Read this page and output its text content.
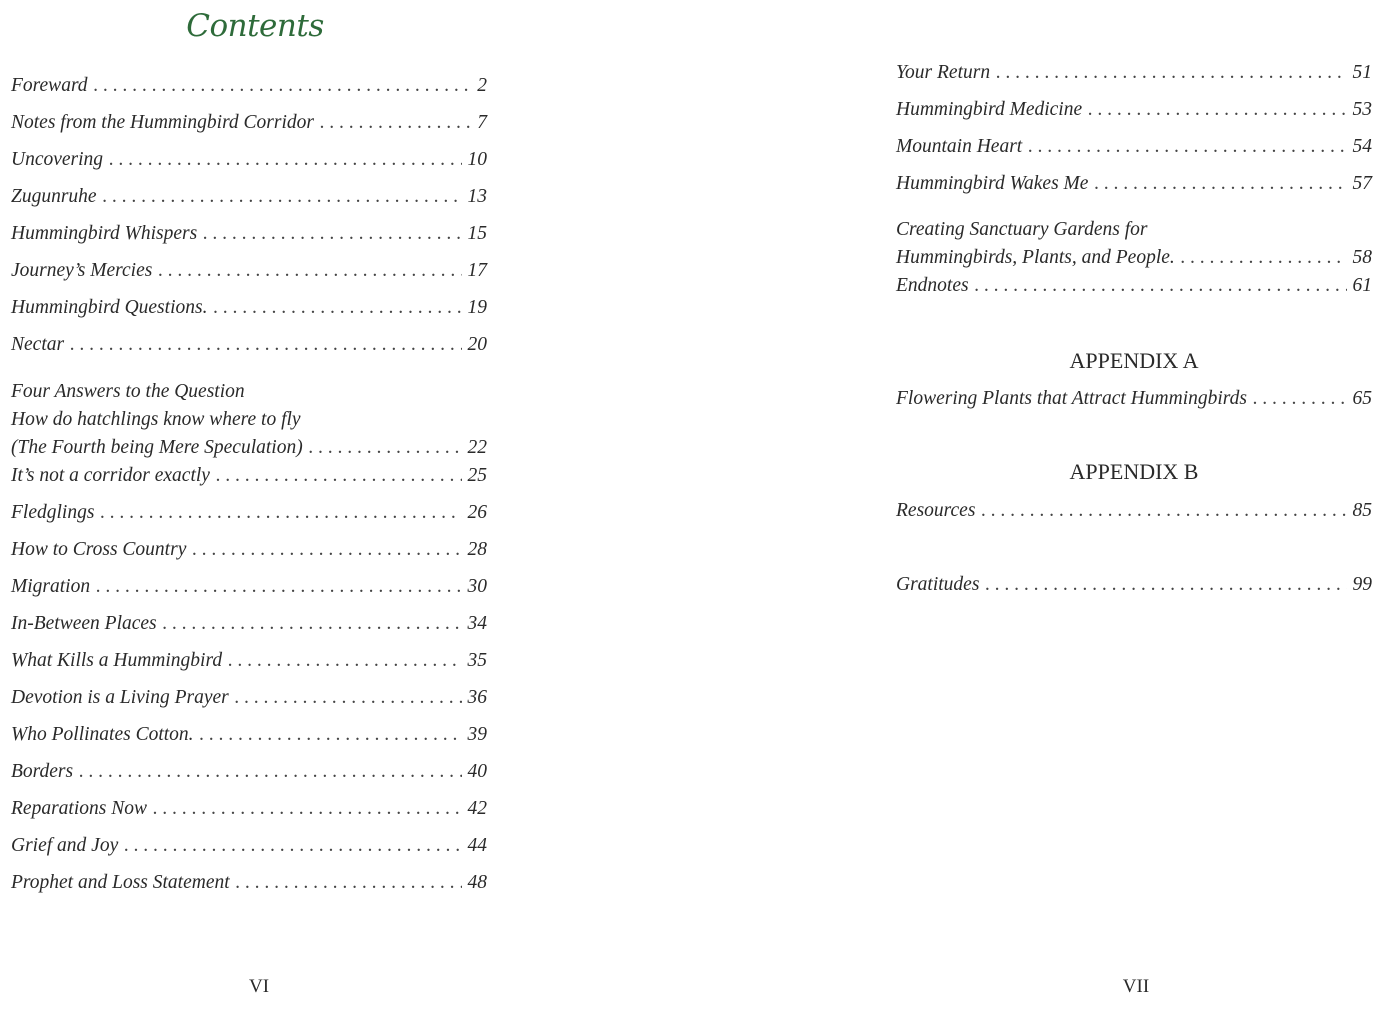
Contents
Foreward . . .	2
Notes from the Hummingbird Corridor . . .	7
Uncovering . . .	10
Zugunruhe . . .	13
Hummingbird Whispers . . .	15
Journey’s Mercies . . .	17
Hummingbird Questions. . . .	19
Nectar . . .	20
Four Answers to the Question
How do hatchlings know where to fly
(The Fourth being Mere Speculation) . . .	22
It’s not a corridor exactly . . .	25
Fledglings . . .	26
How to Cross Country . . .	28
Migration . . .	30
In-Between Places . . .	34
What Kills a Hummingbird . . .	35
Devotion is a Living Prayer . . .	36
Who Pollinates Cotton. . . .	39
Borders . . .	40
Reparations Now . . .	42
Grief and Joy . . .	44
Prophet and Loss Statement . . .	48
VI
Your Return . . .	51
Hummingbird Medicine . . .	53
Mountain Heart . . .	54
Hummingbird Wakes Me . . .	57
Creating Sanctuary Gardens for
Hummingbirds, Plants, and People. . . .	58
Endnotes . . .	61
APPENDIX A
Flowering Plants that Attract Hummingbirds . . .	65
APPENDIX B
Resources . . .	85
Gratitudes . . .	99
VII
